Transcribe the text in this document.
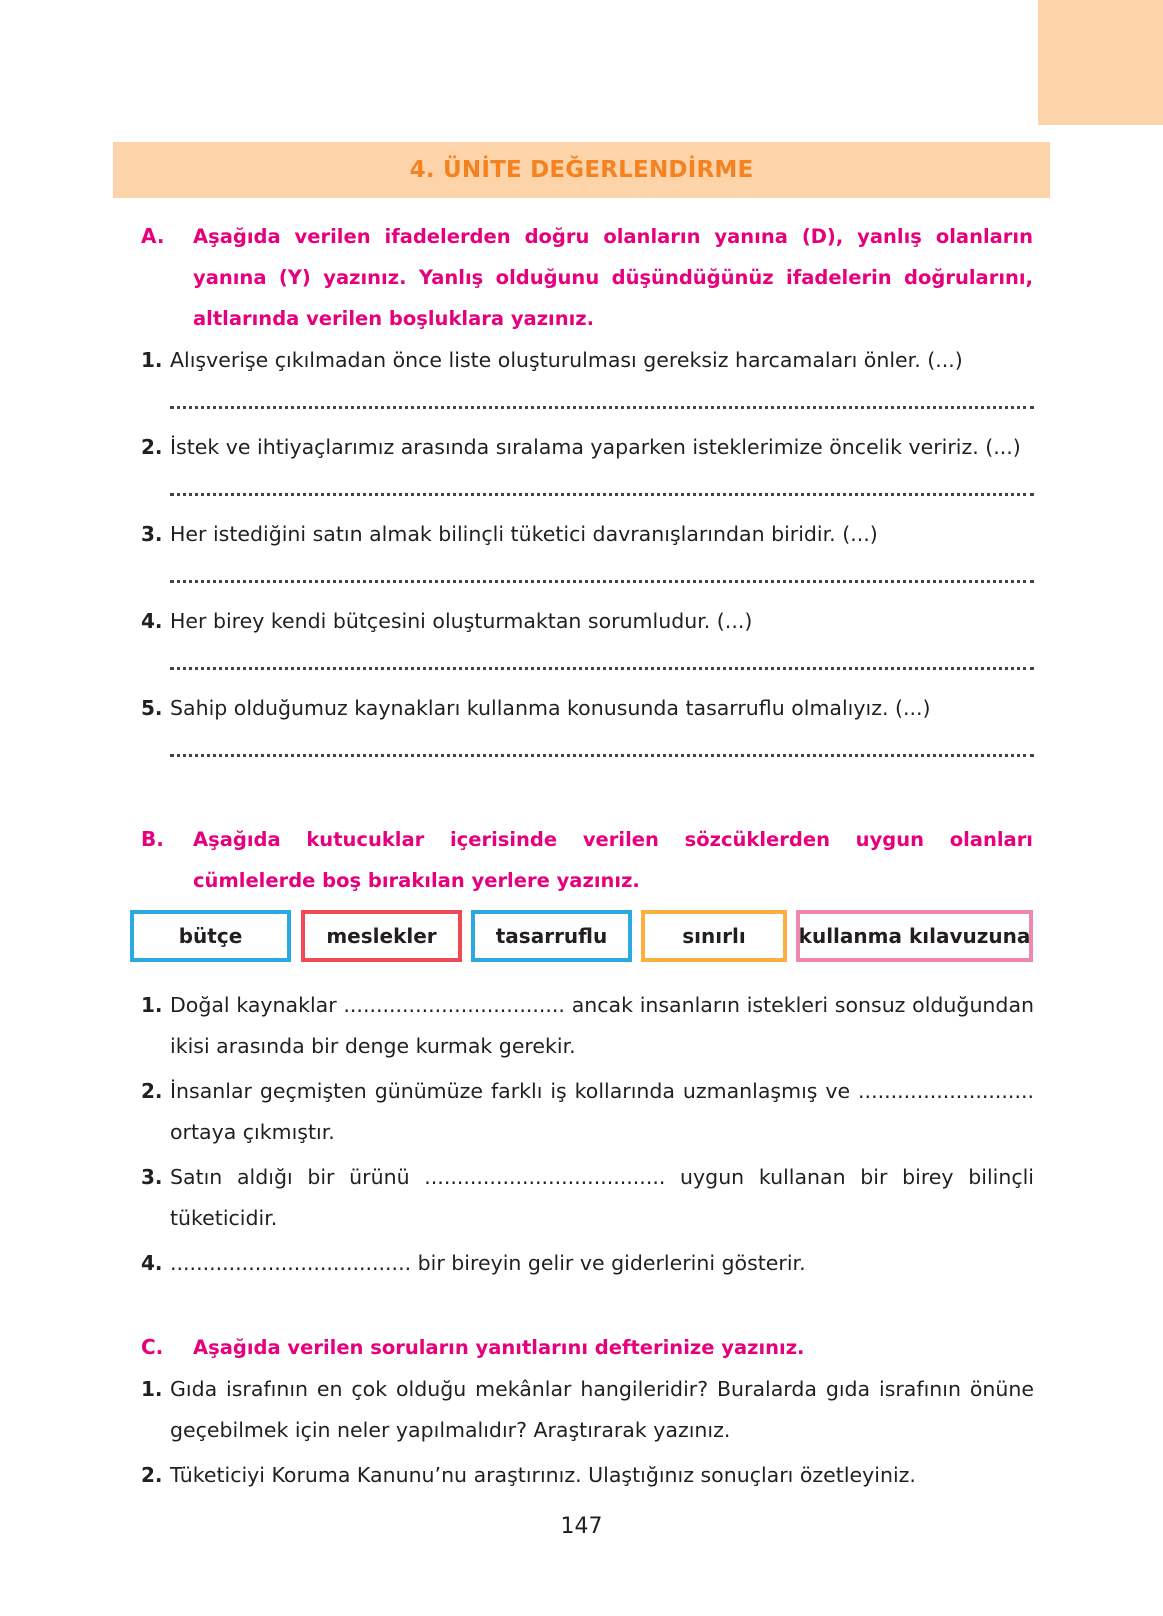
4. ÜNİTE DEĞERLENDİRME
A. Aşağıda verilen ifadelerden doğru olanların yanına (D), yanlış olanların yanına (Y) yazınız. Yanlış olduğunu düşündüğünüz ifadelerin doğrularını, altlarında verilen boşluklara yazınız.

1. Alışverişe çıkılmadan önce liste oluşturulması gereksiz harcamaları önler. (...)

2. İstek ve ihtiyaçlarımız arasında sıralama yaparken isteklerimize öncelik veririz. (...)

3. Her istediğini satın almak bilinçli tüketici davranışlarından biridir. (...)

4. Her birey kendi bütçesini oluşturmaktan sorumludur. (...)

5. Sahip olduğumuz kaynakları kullanma konusunda tasarruflu olmalıyız. (...)

B. Aşağıda kutucuklar içerisinde verilen sözcüklerden uygun olanları cümlelerde boş bırakılan yerlere yazınız.

bütçe	meslekler	tasarruflu	sınırlı	kullanma kılavuzuna
1. Doğal kaynaklar .................................. ancak insanların istekleri sonsuz olduğundan ikisi arasında bir denge kurmak gerekir.

2. İnsanlar geçmişten günümüze farklı iş kollarında uzmanlaşmış ve ........................... ortaya çıkmıştır.

3. Satın aldığı bir ürünü ..................................... uygun kullanan bir birey bilinçli tüketicidir.

4. ..................................... bir bireyin gelir ve giderlerini gösterir.

C. Aşağıda verilen soruların yanıtlarını defterinize yazınız.

1. Gıda israfının en çok olduğu mekânlar hangileridir? Buralarda gıda israfının önüne geçebilmek için neler yapılmalıdır? Araştırarak yazınız.

2. Tüketiciyi Koruma Kanunu’nu araştırınız. Ulaştığınız sonuçları özetleyiniz.

147
